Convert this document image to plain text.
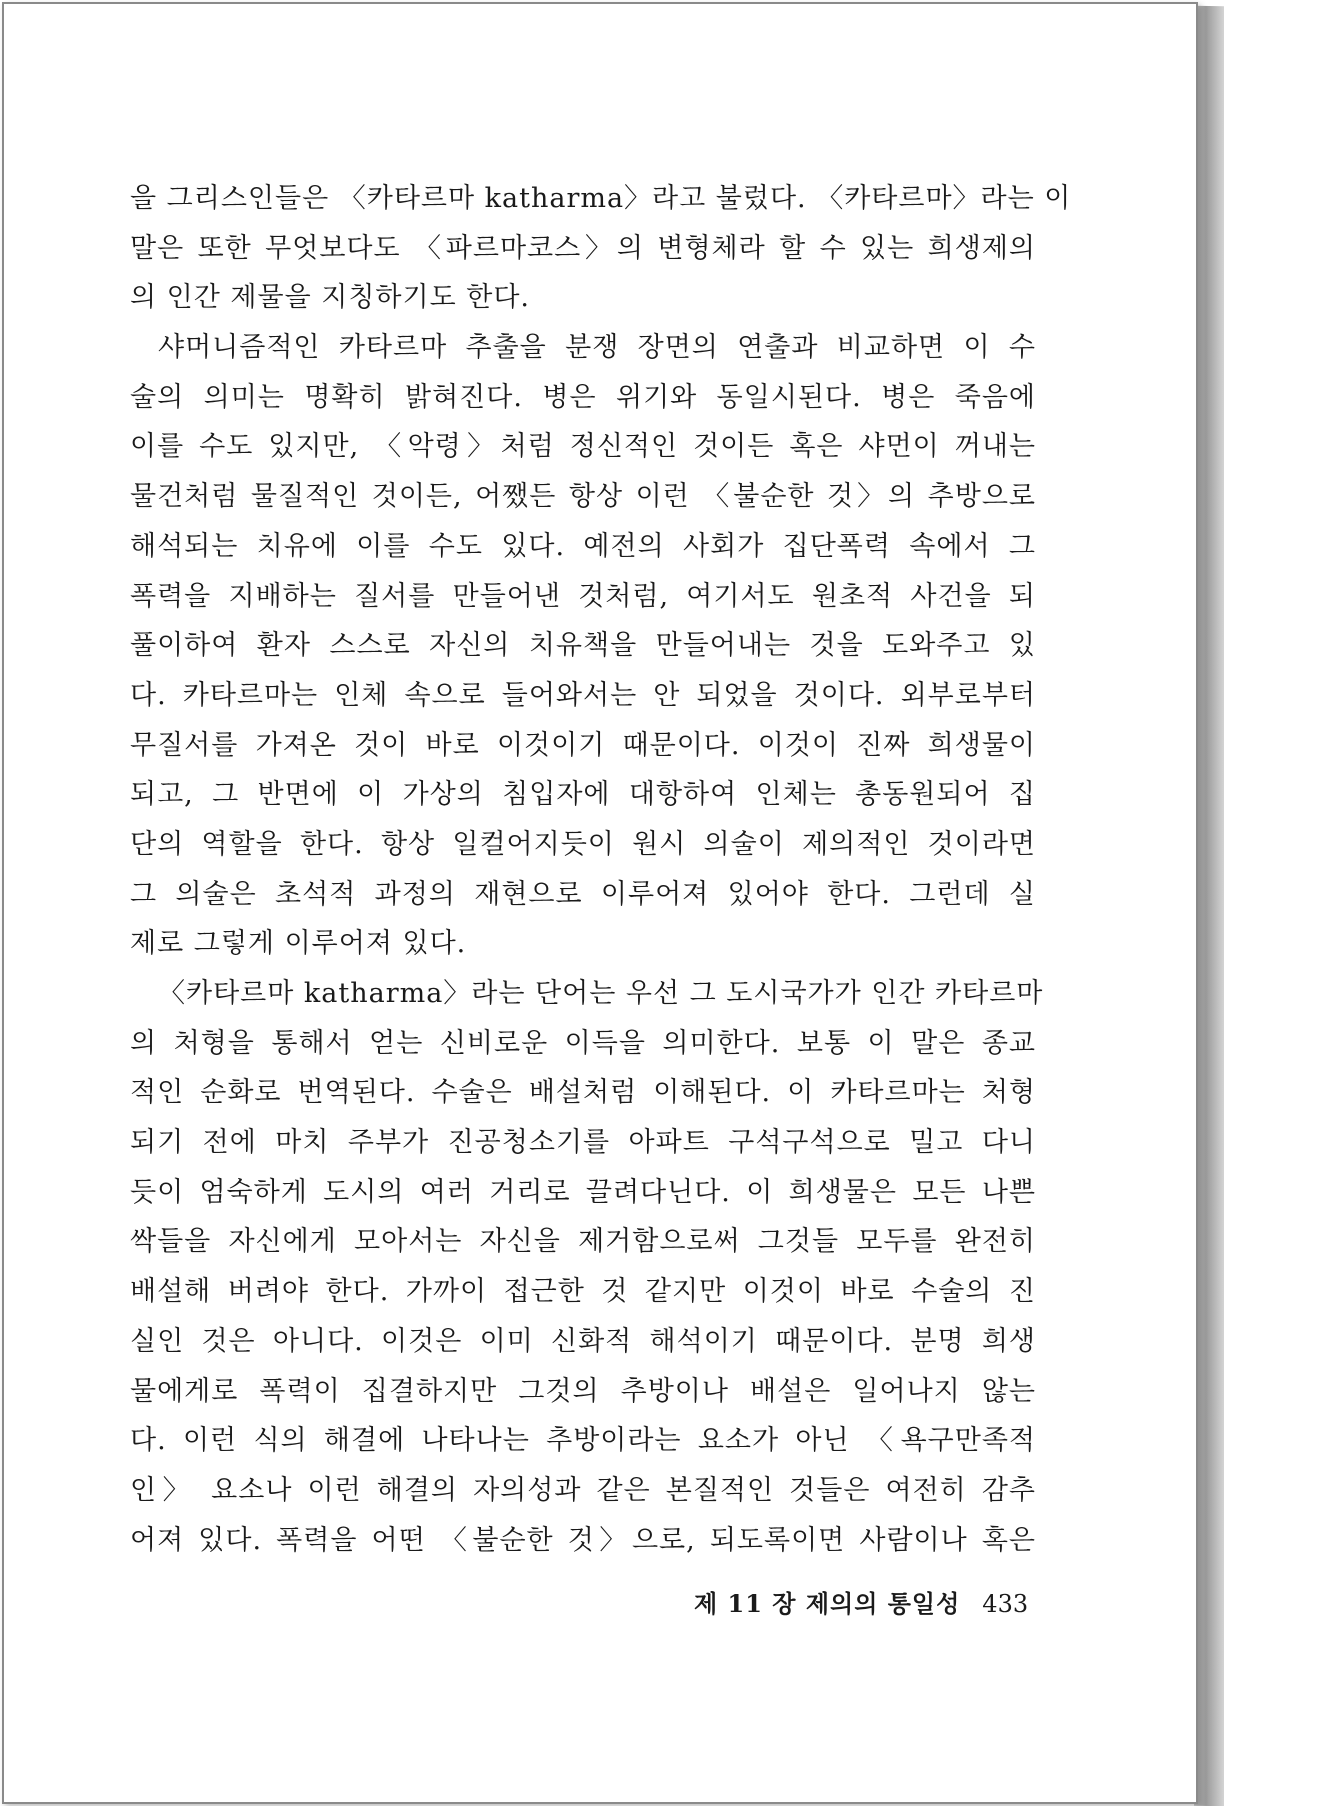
을 그리스인들은 〈카타르마 katharma〉라고 불렀다. 〈카타르마〉라는 이
말은 또한 무엇보다도 〈파르마코스〉의 변형체라 할 수 있는 희생제의
의 인간 제물을 지칭하기도 한다.
샤머니즘적인 카타르마 추출을 분쟁 장면의 연출과 비교하면 이 수
술의 의미는 명확히 밝혀진다. 병은 위기와 동일시된다. 병은 죽음에
이를 수도 있지만, 〈악령〉처럼 정신적인 것이든 혹은 샤먼이 꺼내는
물건처럼 물질적인 것이든, 어쨌든 항상 이런 〈불순한 것〉의 추방으로
해석되는 치유에 이를 수도 있다. 예전의 사회가 집단폭력 속에서 그
폭력을 지배하는 질서를 만들어낸 것처럼, 여기서도 원초적 사건을 되
풀이하여 환자 스스로 자신의 치유책을 만들어내는 것을 도와주고 있
다. 카타르마는 인체 속으로 들어와서는 안 되었을 것이다. 외부로부터
무질서를 가져온 것이 바로 이것이기 때문이다. 이것이 진짜 희생물이
되고, 그 반면에 이 가상의 침입자에 대항하여 인체는 총동원되어 집
단의 역할을 한다. 항상 일컬어지듯이 원시 의술이 제의적인 것이라면
그 의술은 초석적 과정의 재현으로 이루어져 있어야 한다. 그런데 실
제로 그렇게 이루어져 있다.
〈카타르마 katharma〉라는 단어는 우선 그 도시국가가 인간 카타르마
의 처형을 통해서 얻는 신비로운 이득을 의미한다. 보통 이 말은 종교
적인 순화로 번역된다. 수술은 배설처럼 이해된다. 이 카타르마는 처형
되기 전에 마치 주부가 진공청소기를 아파트 구석구석으로 밀고 다니
듯이 엄숙하게 도시의 여러 거리로 끌려다닌다. 이 희생물은 모든 나쁜
싹들을 자신에게 모아서는 자신을 제거함으로써 그것들 모두를 완전히
배설해 버려야 한다. 가까이 접근한 것 같지만 이것이 바로 수술의 진
실인 것은 아니다. 이것은 이미 신화적 해석이기 때문이다. 분명 희생
물에게로 폭력이 집결하지만 그것의 추방이나 배설은 일어나지 않는
다. 이런 식의 해결에 나타나는 추방이라는 요소가 아닌 〈욕구만족적
인〉 요소나 이런 해결의 자의성과 같은 본질적인 것들은 여전히 감추
어져 있다. 폭력을 어떤 〈불순한 것〉으로, 되도록이면 사람이나 혹은
제 11 장 제의의 통일성 433
